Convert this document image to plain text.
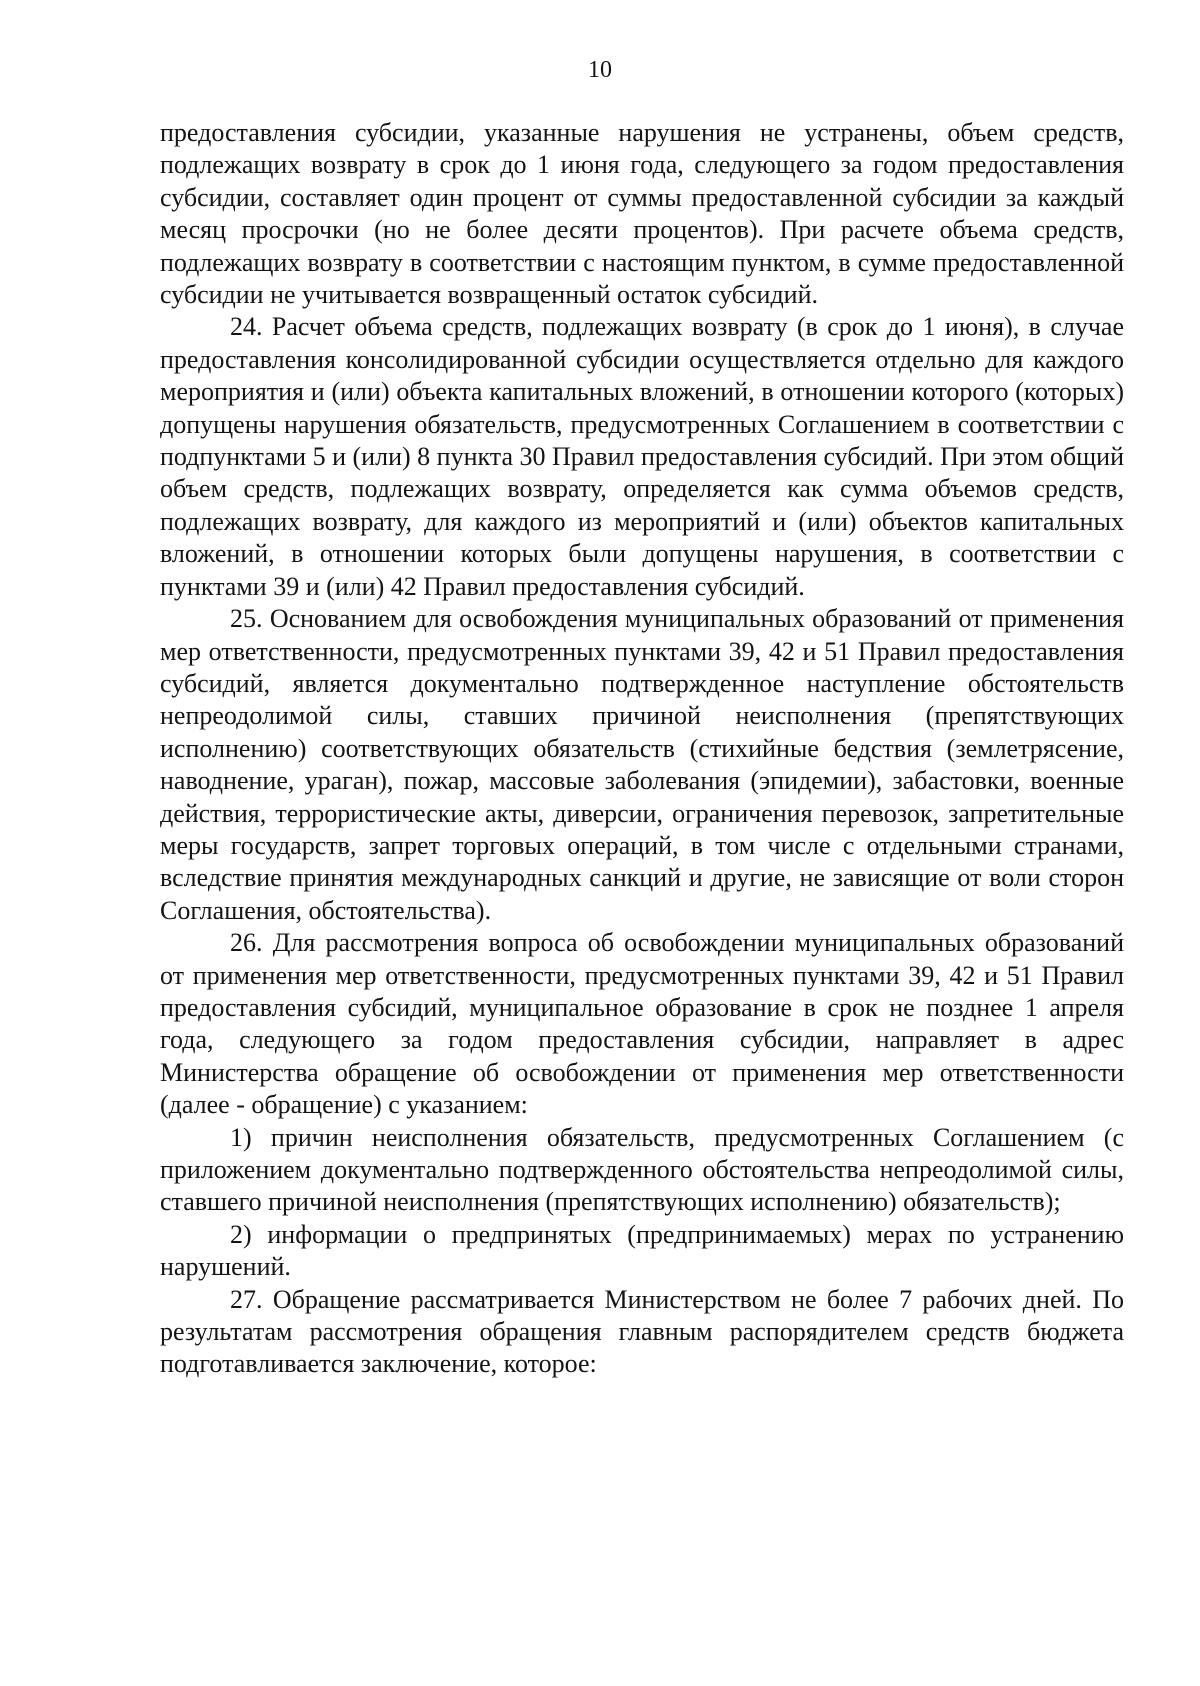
10

предоставления субсидии, указанные нарушения не устранены, объем средств, подлежащих возврату в срок до 1 июня года, следующего за годом предоставления субсидии, составляет один процент от суммы предоставленной субсидии за каждый месяц просрочки (но не более десяти процентов). При расчете объема средств, подлежащих возврату в соответствии с настоящим пунктом, в сумме предоставленной субсидии не учитывается возвращенный остаток субсидий.

24. Расчет объема средств, подлежащих возврату (в срок до 1 июня), в случае предоставления консолидированной субсидии осуществляется отдельно для каждого мероприятия и (или) объекта капитальных вложений, в отношении которого (которых) допущены нарушения обязательств, предусмотренных Соглашением в соответствии с подпунктами 5 и (или) 8 пункта 30 Правил предоставления субсидий. При этом общий объем средств, подлежащих возврату, определяется как сумма объемов средств, подлежащих возврату, для каждого из мероприятий и (или) объектов капитальных вложений, в отношении которых были допущены нарушения, в соответствии с пунктами 39 и (или) 42 Правил предоставления субсидий.

25. Основанием для освобождения муниципальных образований от применения мер ответственности, предусмотренных пунктами 39, 42 и 51 Правил предоставления субсидий, является документально подтвержденное наступление обстоятельств непреодолимой силы, ставших причиной неисполнения (препятствующих исполнению) соответствующих обязательств (стихийные бедствия (землетрясение, наводнение, ураган), пожар, массовые заболевания (эпидемии), забастовки, военные действия, террористические акты, диверсии, ограничения перевозок, запретительные меры государств, запрет торговых операций, в том числе с отдельными странами, вследствие принятия международных санкций и другие, не зависящие от воли сторон Соглашения, обстоятельства).

26. Для рассмотрения вопроса об освобождении муниципальных образований от применения мер ответственности, предусмотренных пунктами 39, 42 и 51 Правил предоставления субсидий, муниципальное образование в срок не позднее 1 апреля года, следующего за годом предоставления субсидии, направляет в адрес Министерства обращение об освобождении от применения мер ответственности (далее - обращение) с указанием:

1) причин неисполнения обязательств, предусмотренных Соглашением (с приложением документально подтвержденного обстоятельства непреодолимой силы, ставшего причиной неисполнения (препятствующих исполнению) обязательств);

2) информации о предпринятых (предпринимаемых) мерах по устранению нарушений.

27. Обращение рассматривается Министерством не более 7 рабочих дней. По результатам рассмотрения обращения главным распорядителем средств бюджета подготавливается заключение, которое:
